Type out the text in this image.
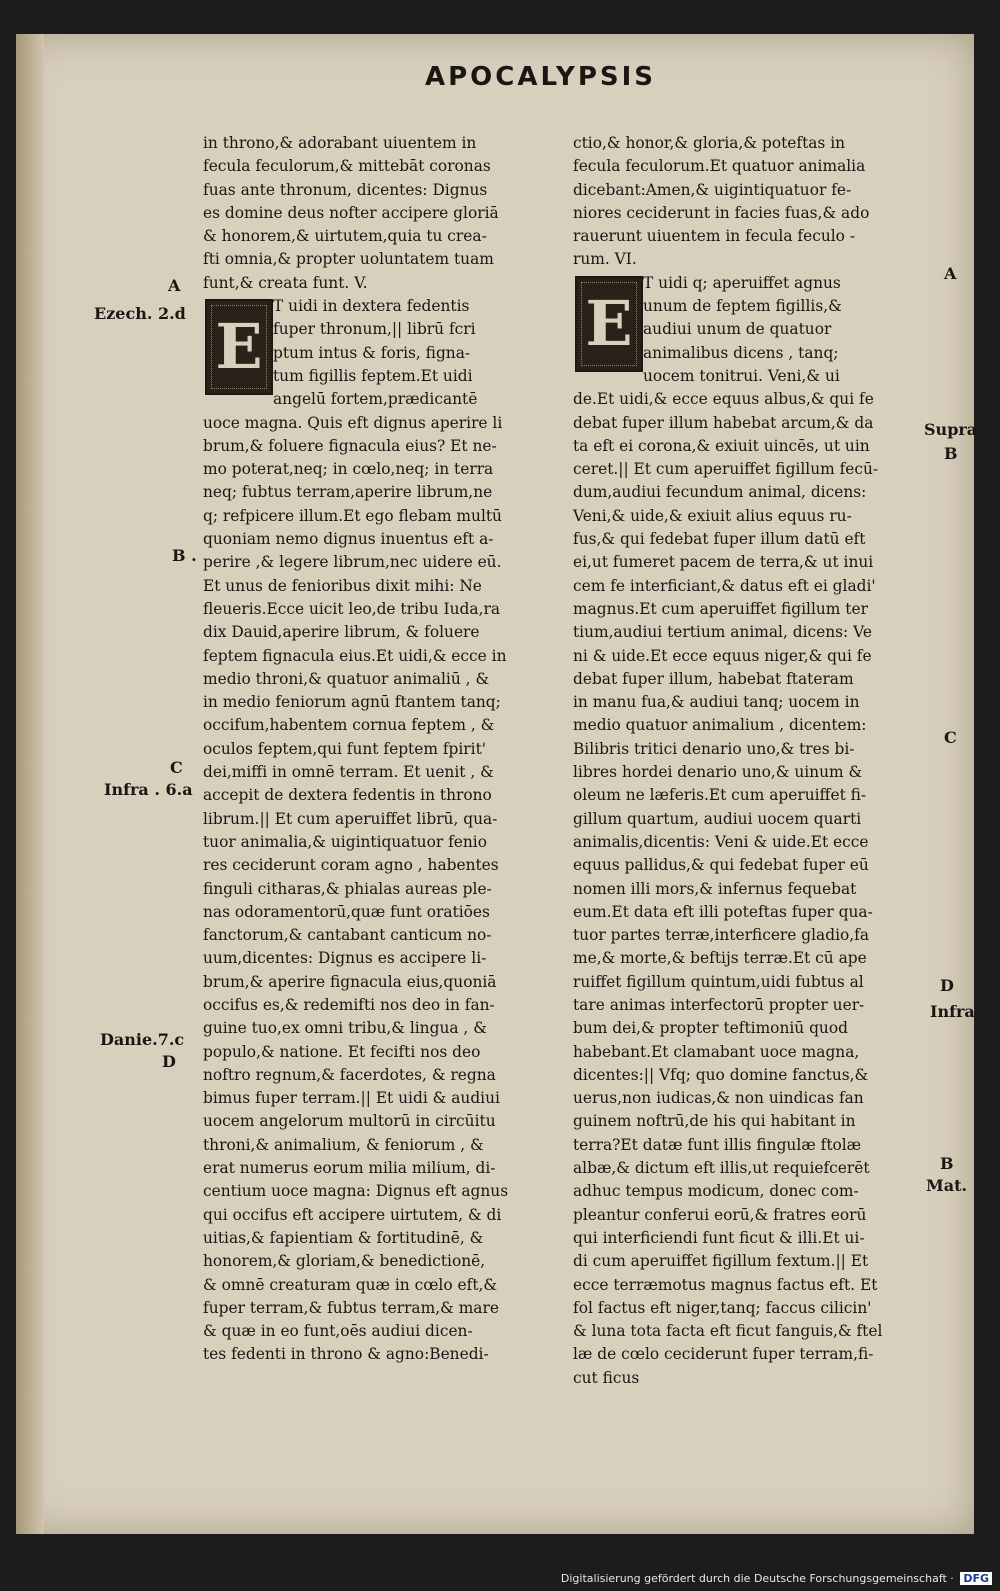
APOCALYPSIS
in throno,& adorabant uiuentem in
fecula feculorum,& mittebāt coronas
fuas ante thronum, dicentes: Dignus
es domine deus nofter accipere gloriā
& honorem,& uirtutem,quia tu crea-
fti omnia,& propter uoluntatem tuam
funt,& creata funt. V.
E
T uidi in dextera fedentis
fuper thronum,|| librū fcri
ptum intus & foris, figna-
tum figillis feptem.Et uidi
angelū fortem,prædicantē
uoce magna. Quis eft dignus aperire li
brum,& foluere fignacula eius? Et ne-
mo poterat,neq; in cœlo,neq; in terra
neq; fubtus terram,aperire librum,ne
q; refpicere illum.Et ego flebam multū
quoniam nemo dignus inuentus eft a-
perire ,& legere librum,nec uidere eū.
Et unus de fenioribus dixit mihi: Ne
fleueris.Ecce uicit leo,de tribu Iuda,ra
dix Dauid,aperire librum, & foluere
feptem fignacula eius.Et uidi,& ecce in
medio throni,& quatuor animaliū , &
in medio feniorum agnū ftantem tanq;
occifum,habentem cornua feptem , &
oculos feptem,qui funt feptem fpirit'
dei,miffi in omnē terram. Et uenit , &
accepit de dextera fedentis in throno
librum.|| Et cum aperuiffet librū, qua-
tuor animalia,& uigintiquatuor fenio
res ceciderunt coram agno , habentes
finguli citharas,& phialas aureas ple-
nas odoramentorū,quæ funt oratiōes
fanctorum,& cantabant canticum no-
uum,dicentes: Dignus es accipere li-
brum,& aperire fignacula eius,quoniā
occifus es,& redemifti nos deo in fan-
guine tuo,ex omni tribu,& lingua , &
populo,& natione. Et fecifti nos deo
noftro regnum,& facerdotes, & regna
bimus fuper terram.|| Et uidi & audiui
uocem angelorum multorū in circūitu
throni,& animalium, & feniorum , &
erat numerus eorum milia milium, di-
centium uoce magna: Dignus eft agnus
qui occifus eft accipere uirtutem, & di
uitias,& fapientiam & fortitudinē, &
honorem,& gloriam,& benedictionē,
& omnē creaturam quæ in cœlo eft,&
fuper terram,& fubtus terram,& mare
& quæ in eo funt,oēs audiui dicen-
tes fedenti in throno & agno:Benedi-
ctio,& honor,& gloria,& poteftas in
fecula feculorum.Et quatuor animalia
dicebant:Amen,& uigintiquatuor fe-
niores ceciderunt in facies fuas,& ado
rauerunt uiuentem in fecula feculo -
rum. VI.
E
T uidi q; aperuiffet agnus
unum de feptem figillis,&
audiui unum de quatuor
animalibus dicens , tanq;
uocem tonitrui. Veni,& ui
de.Et uidi,& ecce equus albus,& qui fe
debat fuper illum habebat arcum,& da
ta eft ei corona,& exiuit uincēs, ut uin
ceret.|| Et cum aperuiffet figillum fecū-
dum,audiui fecundum animal, dicens:
Veni,& uide,& exiuit alius equus ru-
fus,& qui fedebat fuper illum datū eft
ei,ut fumeret pacem de terra,& ut inui
cem fe interficiant,& datus eft ei gladi'
magnus.Et cum aperuiffet figillum ter
tium,audiui tertium animal, dicens: Ve
ni & uide.Et ecce equus niger,& qui fe
debat fuper illum, habebat ftateram
in manu fua,& audiui tanq; uocem in
medio quatuor animalium , dicentem:
Bilibris tritici denario uno,& tres bi-
libres hordei denario uno,& uinum &
oleum ne læferis.Et cum aperuiffet fi-
gillum quartum, audiui uocem quarti
animalis,dicentis: Veni & uide.Et ecce
equus pallidus,& qui fedebat fuper eū
nomen illi mors,& infernus fequebat
eum.Et data eft illi poteftas fuper qua-
tuor partes terræ,interficere gladio,fa
me,& morte,& beftijs terræ.Et cū ape
ruiffet figillum quintum,uidi fubtus al
tare animas interfectorū propter uer-
bum dei,& propter teftimoniū quod
habebant.Et clamabant uoce magna,
dicentes:|| Vfq; quo domine fanctus,&
uerus,non iudicas,& non uindicas fan
guinem noftrū,de his qui habitant in
terra?Et datæ funt illis fingulæ ftolæ
albæ,& dictum eft illis,ut requiefcerēt
adhuc tempus modicum, donec com-
pleantur conferui eorū,& fratres eorū
qui interficiendi funt ficut & illi.Et ui-
di cum aperuiffet figillum fextum.|| Et
ecce terræmotus magnus factus eft. Et
fol factus eft niger,tanq; faccus cilicin'
& luna tota facta eft ficut fanguis,& ftel
læ de cœlo ceciderunt fuper terram,fi-
cut ficus
A
Ezech. 2.d
B .
C
Infra . 6.a
Danie.7.c
D
A
Supra.
B
C
D
Infra.
B
Mat.
Digitalisierung gefördert durch die Deutsche Forschungsgemeinschaft · DFG
